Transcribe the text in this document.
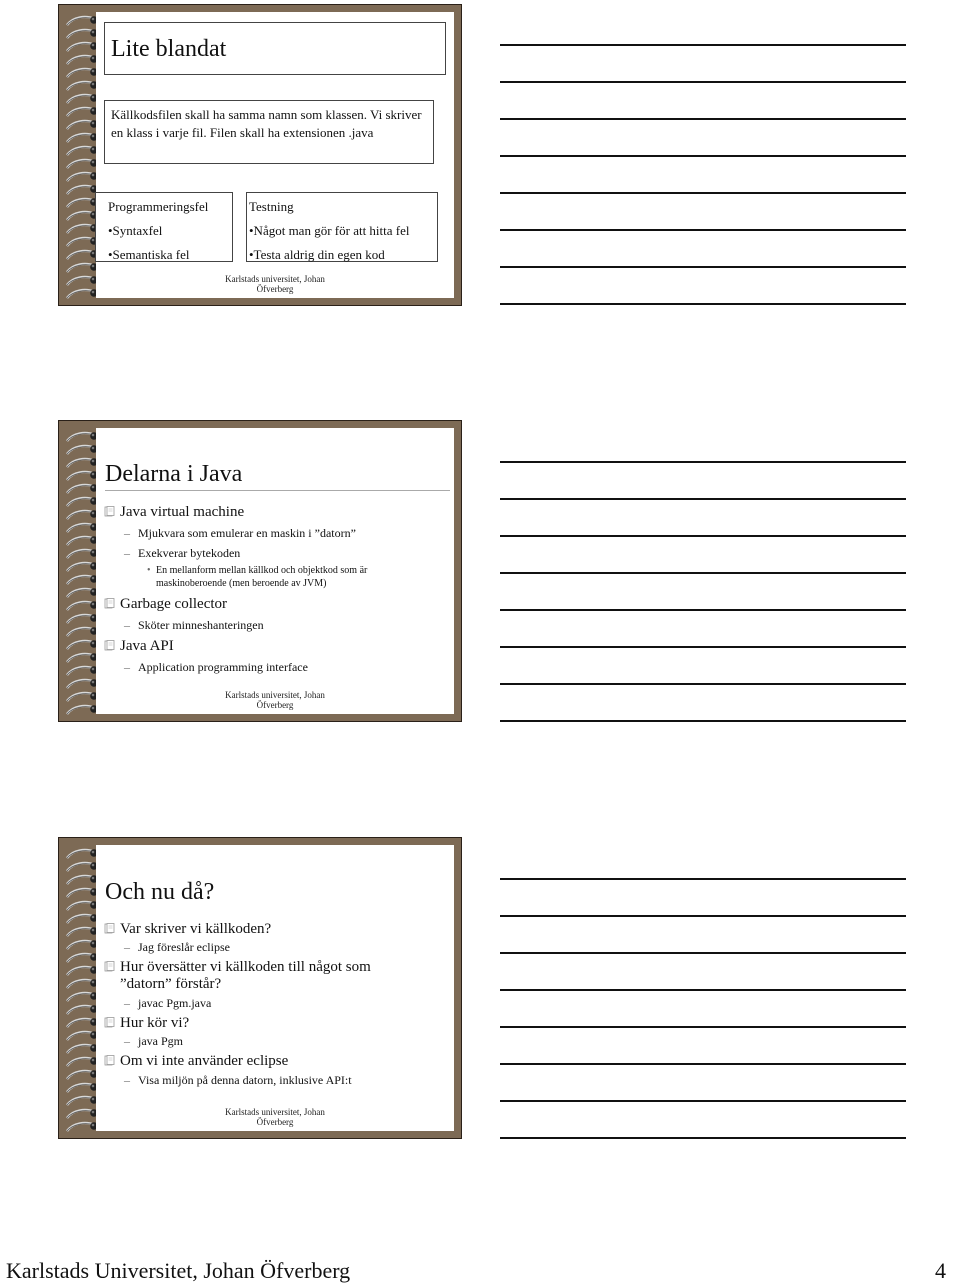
Lite blandat
Källkodsfilen skall ha samma namn som klassen. Vi skriver en klass i varje fil. Filen skall ha extensionen .java
Programmeringsfel
•Syntaxfel
•Semantiska fel
Testning
•Något man gör för att hitta fel
•Testa aldrig din egen kod
Karlstads universitet, Johan
Öfverberg
Delarna i Java
Java virtual machine
– Mjukvara som emulerar en maskin i ”datorn”
– Exekverar bytekoden
• En mellanform mellan källkod och objektkod som är maskinoberoende (men beroende av JVM)
Garbage collector
– Sköter minneshanteringen
Java API
– Application programming interface
Karlstads universitet, Johan
Öfverberg
Och nu då?
Var skriver vi källkoden?
– Jag föreslår eclipse
Hur översätter vi källkoden till något som
”datorn” förstår?
– javac Pgm.java
Hur kör vi?
– java Pgm
Om vi inte använder eclipse
– Visa miljön på denna datorn, inklusive API:t
Karlstads universitet, Johan
Öfverberg
Karlstads Universitet, Johan Öfverberg	4
